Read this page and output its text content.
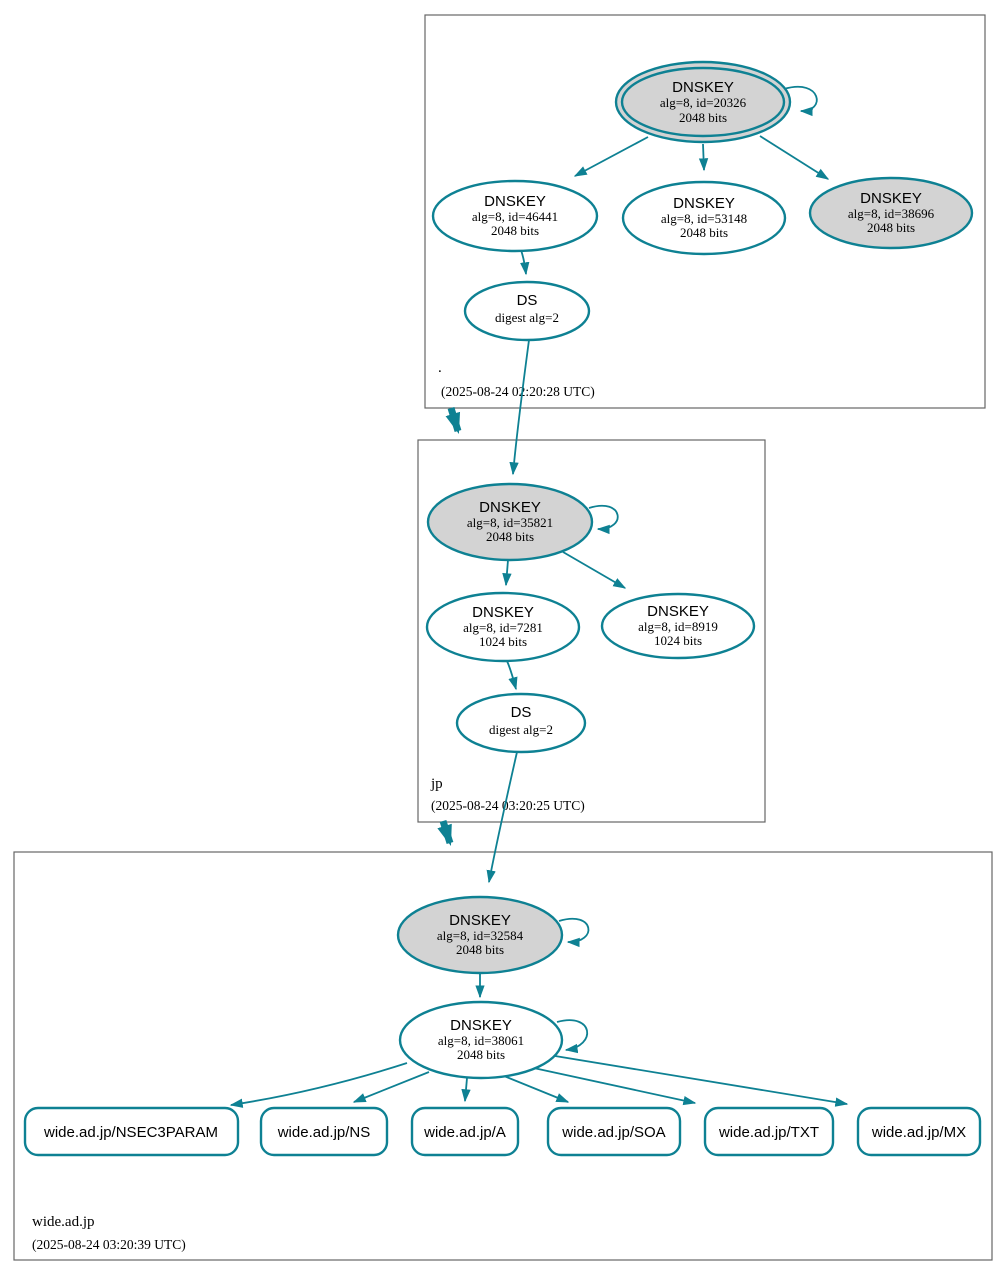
.
(2025-08-24 02:20:28 UTC)
jp
(2025-08-24 03:20:25 UTC)
wide.ad.jp
(2025-08-24 03:20:39 UTC)
DNSKEY
alg=8, id=20326
2048 bits
DNSKEY
alg=8, id=46441
2048 bits
DNSKEY
alg=8, id=53148
2048 bits
DNSKEY
alg=8, id=38696
2048 bits
DS
digest alg=2
DNSKEY
alg=8, id=35821
2048 bits
DNSKEY
alg=8, id=7281
1024 bits
DNSKEY
alg=8, id=8919
1024 bits
DS
digest alg=2
DNSKEY
alg=8, id=32584
2048 bits
DNSKEY
alg=8, id=38061
2048 bits
wide.ad.jp/NSEC3PARAM	wide.ad.jp/NS	wide.ad.jp/A	wide.ad.jp/SOA	wide.ad.jp/TXT	wide.ad.jp/MX
